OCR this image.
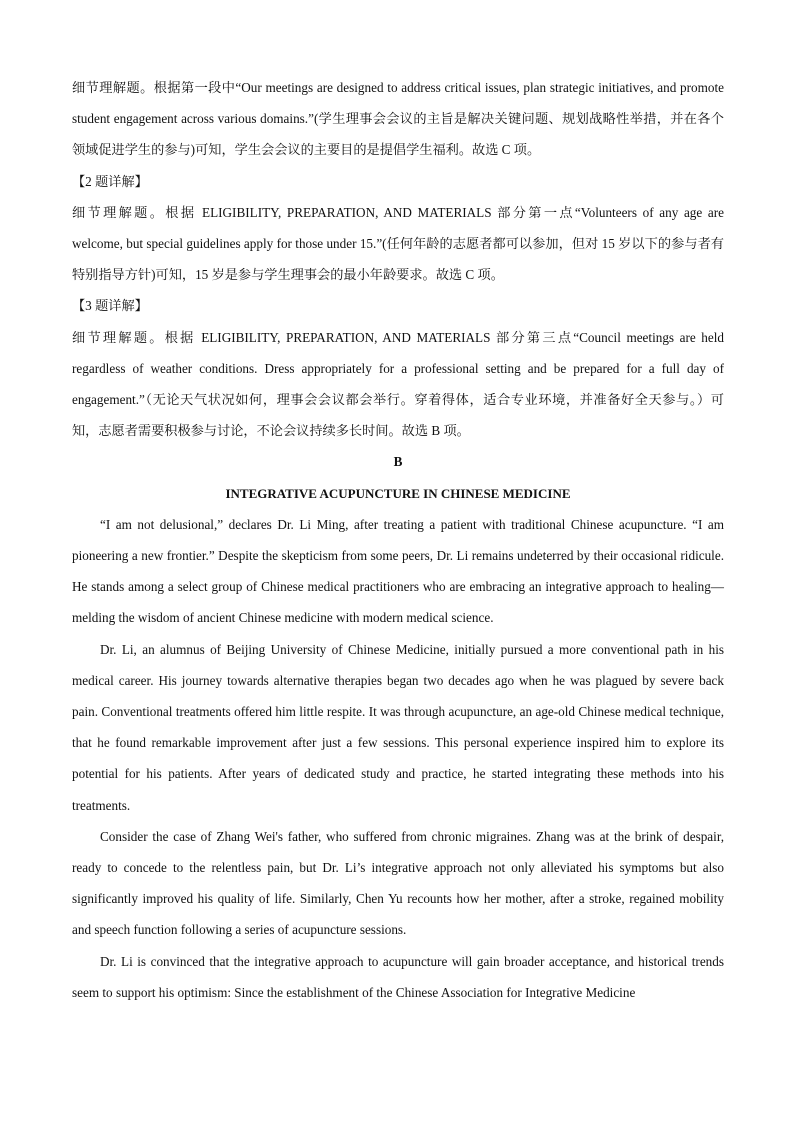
细节理解题。根据第一段中“Our meetings are designed to address critical issues, plan strategic initiatives, and promote student engagement across various domains.”(学生理事会会议的主旨是解决关键问题、规划战略性举措，并在各个领域促进学生的参与)可知，学生会会议的主要目的是提倡学生福利。故选 C 项。

【2 题详解】

细节理解题。根据 ELIGIBILITY, PREPARATION, AND MATERIALS 部分第一点“Volunteers of any age are welcome, but special guidelines apply for those under 15.”(任何年龄的志愿者都可以参加，但对 15 岁以下的参与者有特别指导方针)可知，15 岁是参与学生理事会的最小年龄要求。故选 C 项。

【3 题详解】

细节理解题。根据 ELIGIBILITY, PREPARATION, AND MATERIALS 部分第三点“Council meetings are held regardless of weather conditions. Dress appropriately for a professional setting and be prepared for a full day of engagement.”（无论天气状况如何，理事会会议都会举行。穿着得体，适合专业环境，并准备好全天参与。）可知，志愿者需要积极参与讨论，不论会议持续多长时间。故选 B 项。

B

INTEGRATIVE ACUPUNCTURE IN CHINESE MEDICINE

“I am not delusional,” declares Dr. Li Ming, after treating a patient with traditional Chinese acupuncture. “I am pioneering a new frontier.” Despite the skepticism from some peers, Dr. Li remains undeterred by their occasional ridicule. He stands among a select group of Chinese medical practitioners who are embracing an integrative approach to healing—melding the wisdom of ancient Chinese medicine with modern medical science.

Dr. Li, an alumnus of Beijing University of Chinese Medicine, initially pursued a more conventional path in his medical career. His journey towards alternative therapies began two decades ago when he was plagued by severe back pain. Conventional treatments offered him little respite. It was through acupuncture, an age-old Chinese medical technique, that he found remarkable improvement after just a few sessions. This personal experience inspired him to explore its potential for his patients. After years of dedicated study and practice, he started integrating these methods into his treatments.

Consider the case of Zhang Wei's father, who suffered from chronic migraines. Zhang was at the brink of despair, ready to concede to the relentless pain, but Dr. Li’s integrative approach not only alleviated his symptoms but also significantly improved his quality of life. Similarly, Chen Yu recounts how her mother, after a stroke, regained mobility and speech function following a series of acupuncture sessions.

Dr. Li is convinced that the integrative approach to acupuncture will gain broader acceptance, and historical trends seem to support his optimism: Since the establishment of the Chinese Association for Integrative Medicine
